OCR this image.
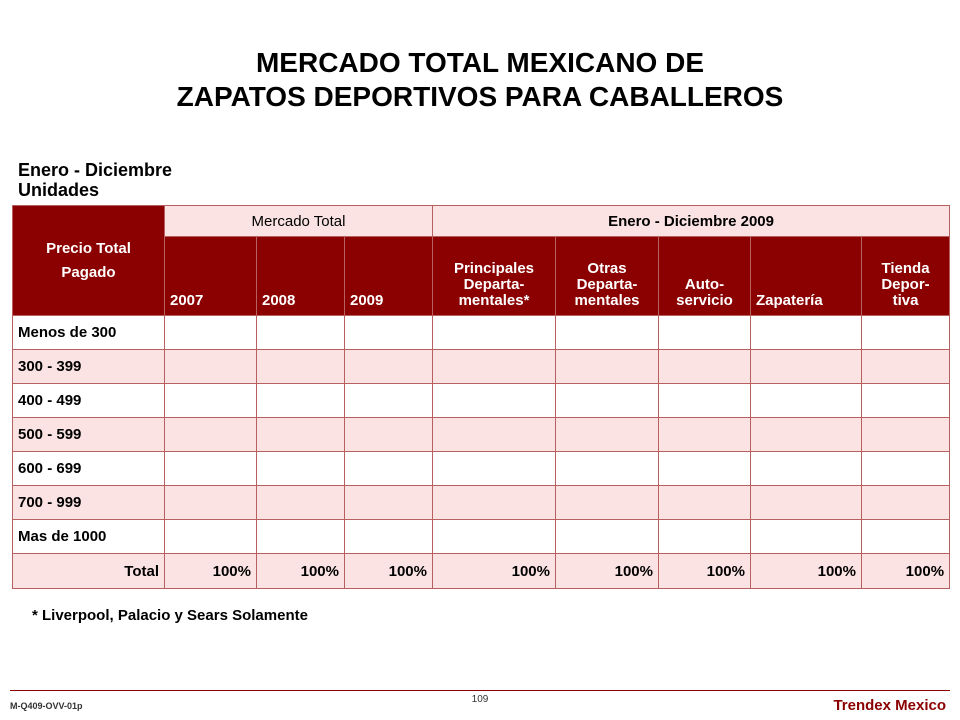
MERCADO TOTAL MEXICANO DE
ZAPATOS DEPORTIVOS PARA CABALLEROS
Enero - Diciembre
Unidades
Precio Total Pagado	Mercado Total			Enero - Diciembre 2009				
	2007	2008	2009	Principales Departa- mentales*	Otras Departa- mentales	Auto- servicio	Zapatería	Tienda Depor- tiva
Menos de 300								
300 - 399								
400 - 499								
500 - 599								
600 - 699								
700 - 999								
Mas de 1000								
Total	100%	100%	100%	100%	100%	100%	100%	100%
* Liverpool, Palacio y Sears Solamente
M-Q409-OVV-01p
109	Trendex Mexico
